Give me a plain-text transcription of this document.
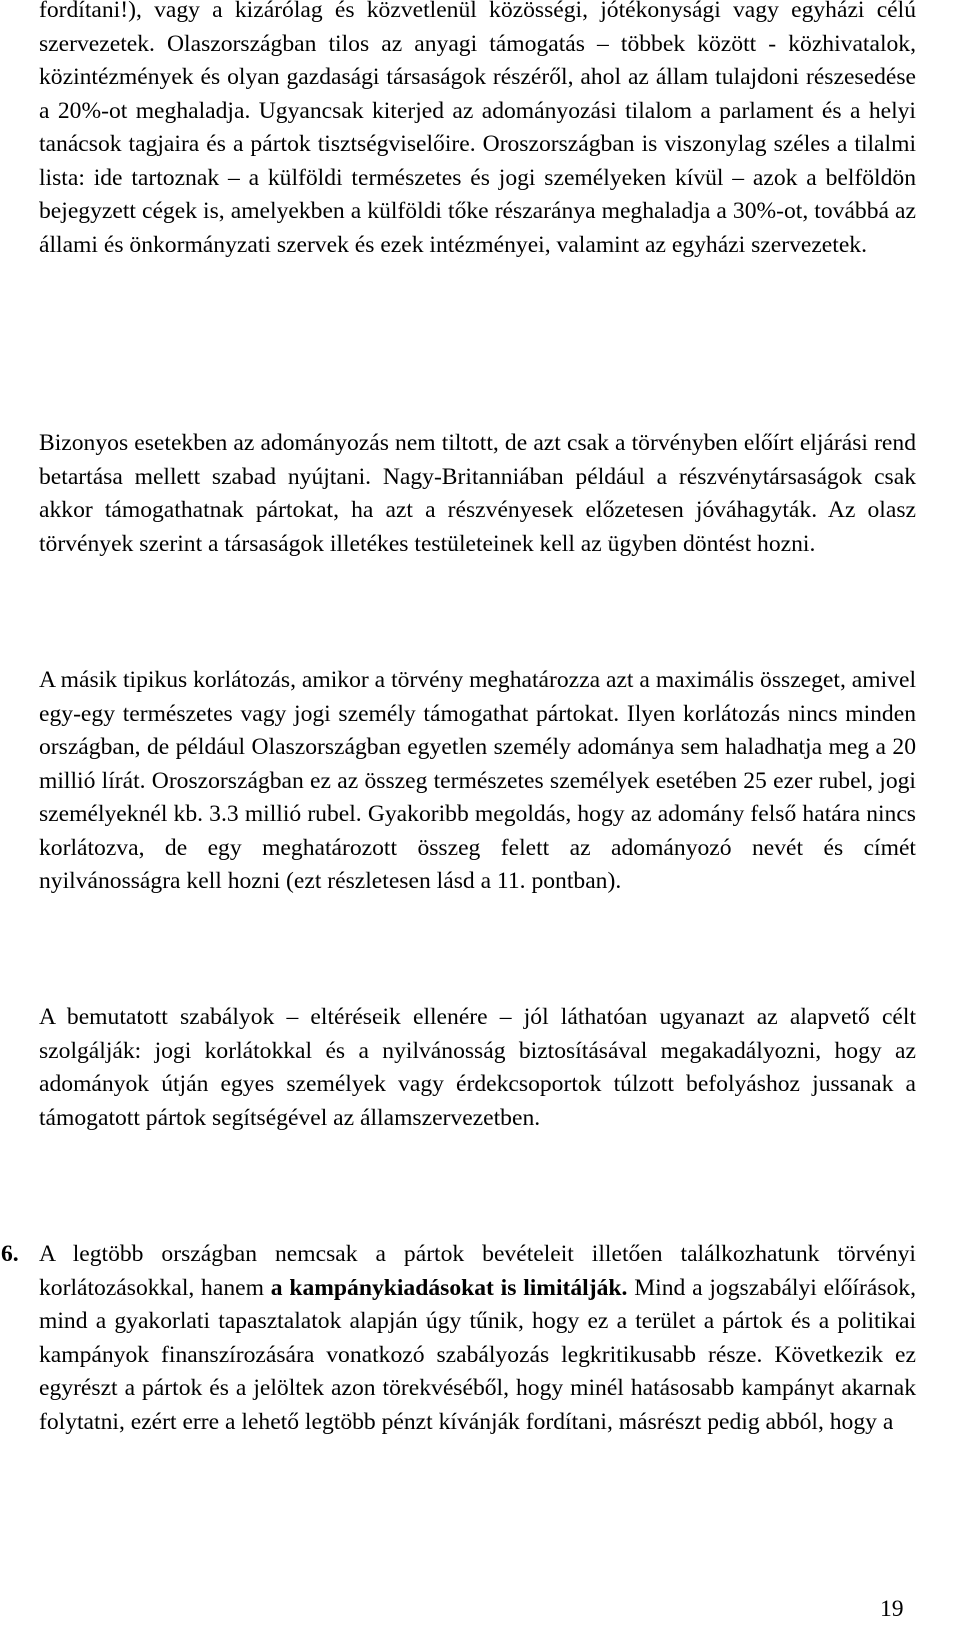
fordítani!), vagy a kizárólag és közvetlenül közösségi, jótékonysági vagy egyházi célú szervezetek. Olaszországban tilos az anyagi támogatás – többek között - közhivatalok, közintézmények és olyan gazdasági társaságok részéről, ahol az állam tulajdoni részesedése a 20%-ot meghaladja. Ugyancsak kiterjed az adományozási tilalom a parlament és a helyi tanácsok tagjaira és a pártok tisztségviselőire. Oroszországban is viszonylag széles a tilalmi lista: ide tartoznak – a külföldi természetes és jogi személyeken kívül – azok a belföldön bejegyzett cégek is, amelyekben a külföldi tőke részaránya meghaladja a 30%-ot, továbbá az állami és önkormányzati szervek és ezek intézményei, valamint az egyházi szervezetek.

Bizonyos esetekben az adományozás nem tiltott, de azt csak a törvényben előírt eljárási rend betartása mellett szabad nyújtani. Nagy-Britanniában például a részvénytársaságok csak akkor támogathatnak pártokat, ha azt a részvényesek előzetesen jóváhagyták. Az olasz törvények szerint a társaságok illetékes testületeinek kell az ügyben döntést hozni.

A másik tipikus korlátozás, amikor a törvény meghatározza azt a maximális összeget, amivel egy-egy természetes vagy jogi személy támogathat pártokat. Ilyen korlátozás nincs minden országban, de például Olaszországban egyetlen személy adománya sem haladhatja meg a 20 millió lírát. Oroszországban ez az összeg természetes személyek esetében 25 ezer rubel, jogi személyeknél kb. 3.3 millió rubel. Gyakoribb megoldás, hogy az adomány felső határa nincs korlátozva, de egy meghatározott összeg felett az adományozó nevét és címét nyilvánosságra kell hozni (ezt részletesen lásd a 11. pontban).

A bemutatott szabályok – eltéréseik ellenére – jól láthatóan ugyanazt az alapvető célt szolgálják: jogi korlátokkal és a nyilvánosság biztosításával megakadályozni, hogy az adományok útján egyes személyek vagy érdekcsoportok túlzott befolyáshoz jussanak a támogatott pártok segítségével az államszervezetben.

6. A legtöbb országban nemcsak a pártok bevételeit illetően találkozhatunk törvényi korlátozásokkal, hanem a kampánykiadásokat is limitálják. Mind a jogszabályi előírások, mind a gyakorlati tapasztalatok alapján úgy tűnik, hogy ez a terület a pártok és a politikai kampányok finanszírozására vonatkozó szabályozás legkritikusabb része. Következik ez egyrészt a pártok és a jelöltek azon törekvéséből, hogy minél hatásosabb kampányt akarnak folytatni, ezért erre a lehető legtöbb pénzt kívánják fordítani, másrészt pedig abból, hogy a

19
